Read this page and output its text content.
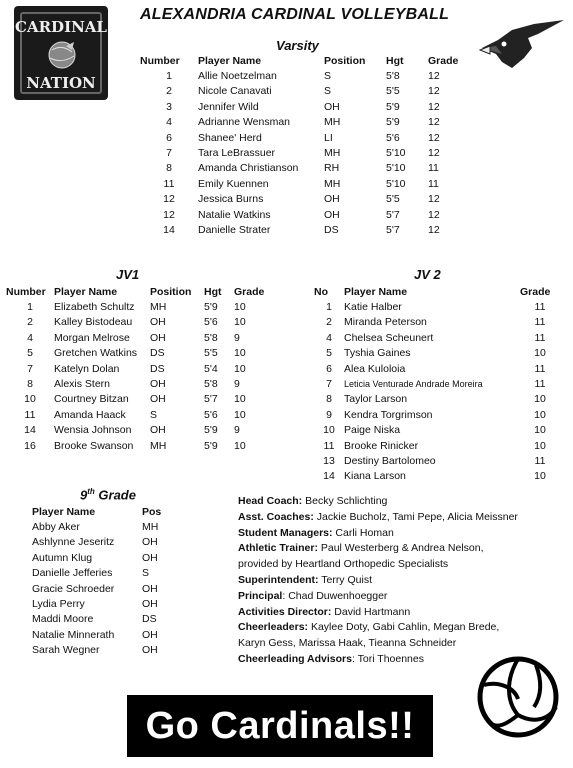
CARDINAL
NATION
ALEXANDRIA CARDINAL VOLLEYBALL
Varsity
Number	Player Name	Position	Hgt	Grade
1	Allie Noetzelman	S	5'8	12
2	Nicole Canavati	S	5'5	12
3	Jennifer Wild	OH	5'9	12
4	Adrianne Wensman	MH	5'9	12
6	Shanee' Herd	LI	5'6	12
7	Tara LeBrassuer	MH	5'10	12
8	Amanda Christianson	RH	5'10	11
11	Emily Kuennen	MH	5'10	11
12	Jessica Burns	OH	5'5	12
12	Natalie Watkins	OH	5'7	12
14	Danielle Strater	DS	5'7	12
JV1
Number	Player Name	Position	Hgt	Grade
1	Elizabeth Schultz	MH	5'9	10
2	Kalley Bistodeau	OH	5'6	10
4	Morgan Melrose	OH	5'8	9
5	Gretchen Watkins	DS	5'5	10
7	Katelyn Dolan	DS	5'4	10
8	Alexis Stern	OH	5'8	9
10	Courtney Bitzan	OH	5'7	10
11	Amanda Haack	S	5'6	10
14	Wensia Johnson	OH	5'9	9
16	Brooke Swanson	MH	5'9	10
JV 2
No	Player Name	Grade
1	Katie Halber	11
2	Miranda Peterson	11
4	Chelsea Scheunert	11
5	Tyshia Gaines	10
6	Alea Kuloloia	11
7	Leticia Venturade Andrade Moreira	11
8	Taylor Larson	10
9	Kendra Torgrimson	10
10	Paige Niska	10
11	Brooke Rinicker	10
13	Destiny Bartolomeo	11
14	Kiana Larson	10
9th Grade
Player Name	Pos
Abby Aker	MH
Ashlynne Jeseritz	OH
Autumn Klug	OH
Danielle Jefferies	S
Gracie Schroeder	OH
Lydia Perry	OH
Maddi Moore	DS
Natalie Minnerath	OH
Sarah Wegner	OH
Head Coach: Becky Schlichting
Asst. Coaches: Jackie Bucholz, Tami Pepe, Alicia Meissner
Student Managers: Carli Homan
Athletic Trainer: Paul Westerberg & Andrea Nelson,
provided by Heartland Orthopedic Specialists
Superintendent: Terry Quist
Principal: Chad Duwenhoegger
Activities Director: David Hartmann
Cheerleaders: Kaylee Doty, Gabi Cahlin, Megan Brede,
Karyn Gess, Marissa Haak, Tieanna Schneider
Cheerleading Advisors: Tori Thoennes
Go Cardinals!!
